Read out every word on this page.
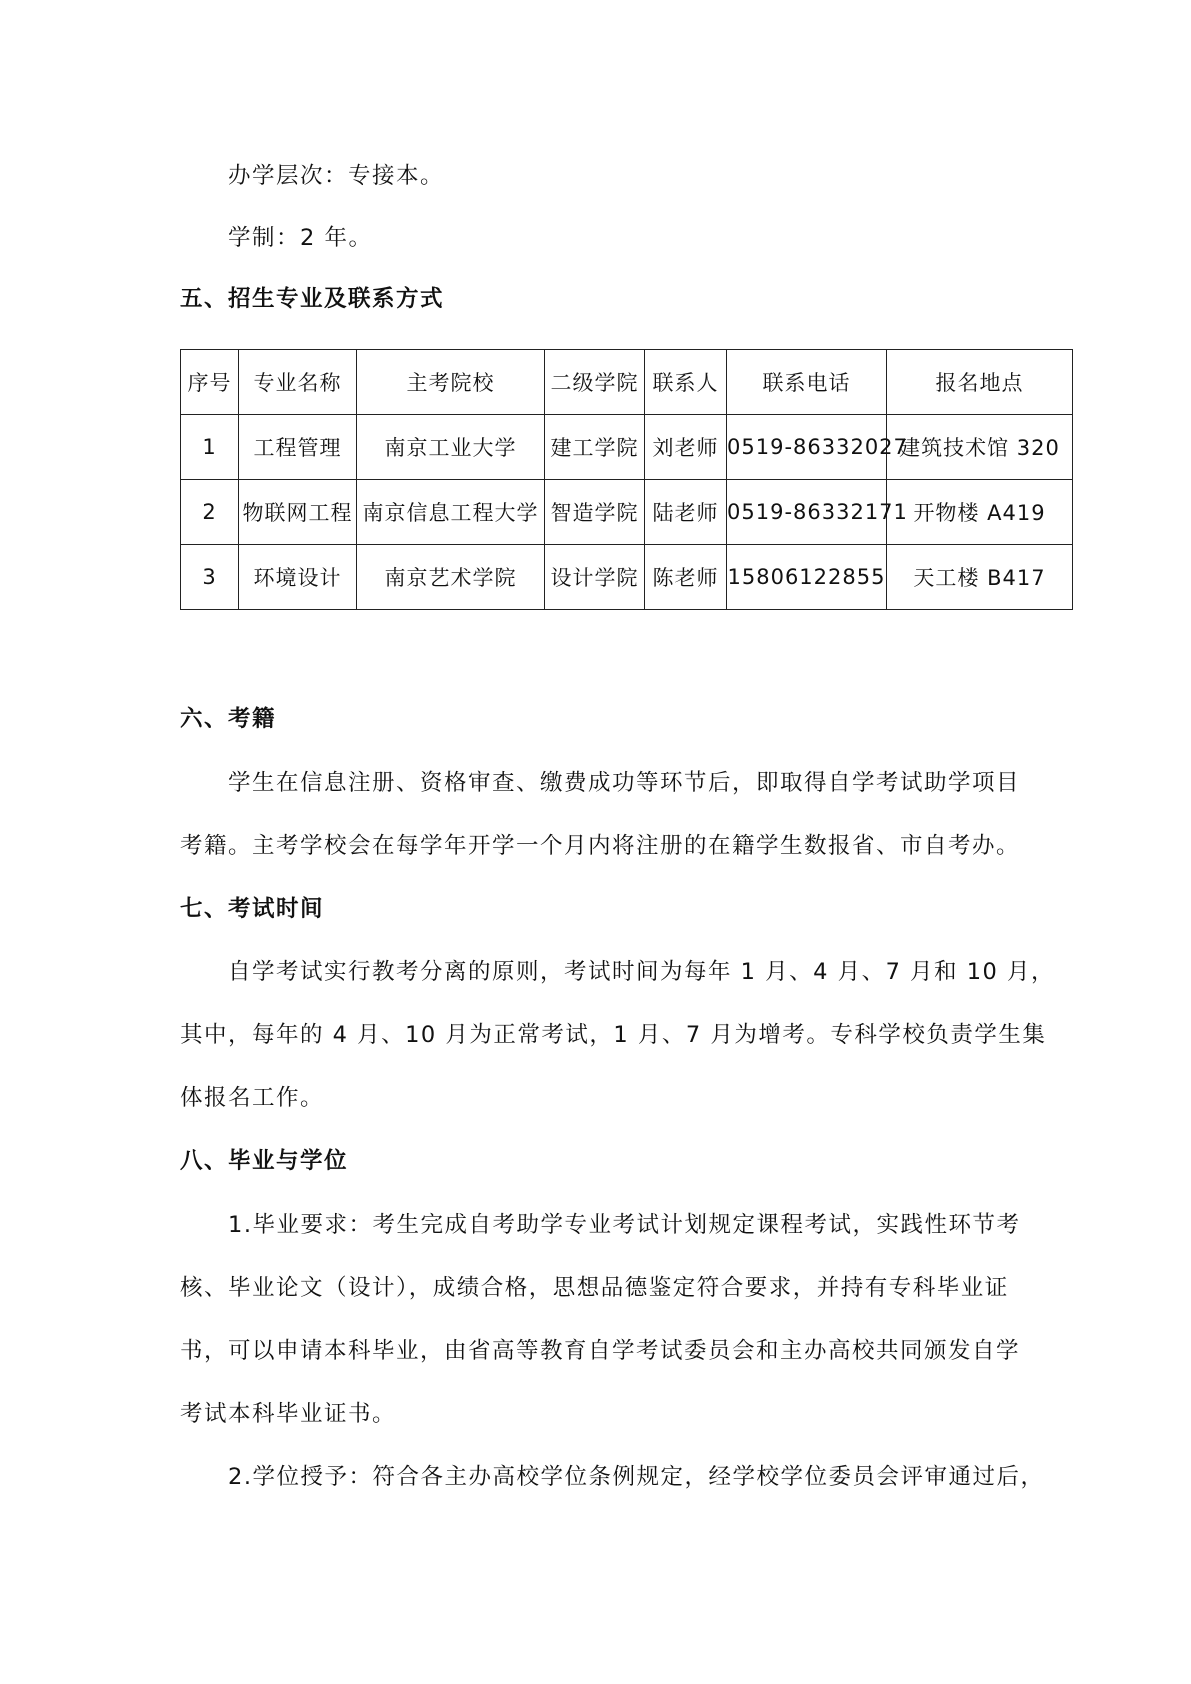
办学层次：专接本。
学制：2 年。
五、招生专业及联系方式
序号	专业名称	主考院校	二级学院	联系人	联系电话	报名地点
1	工程管理	南京工业大学	建工学院	刘老师	0519-86332027	建筑技术馆 320
2	物联网工程	南京信息工程大学	智造学院	陆老师	0519-86332171	开物楼 A419
3	环境设计	南京艺术学院	设计学院	陈老师	15806122855	天工楼 B417
六、考籍
学生在信息注册、资格审查、缴费成功等环节后，即取得自学考试助学项目
考籍。主考学校会在每学年开学一个月内将注册的在籍学生数报省、市自考办。
七、考试时间
自学考试实行教考分离的原则，考试时间为每年 1 月、4 月、7 月和 10 月，
其中，每年的 4 月、10 月为正常考试，1 月、7 月为增考。专科学校负责学生集
体报名工作。
八、毕业与学位
1.毕业要求：考生完成自考助学专业考试计划规定课程考试，实践性环节考
核、毕业论文（设计），成绩合格，思想品德鉴定符合要求，并持有专科毕业证
书，可以申请本科毕业，由省高等教育自学考试委员会和主办高校共同颁发自学
考试本科毕业证书。
2.学位授予：符合各主办高校学位条例规定，经学校学位委员会评审通过后，
